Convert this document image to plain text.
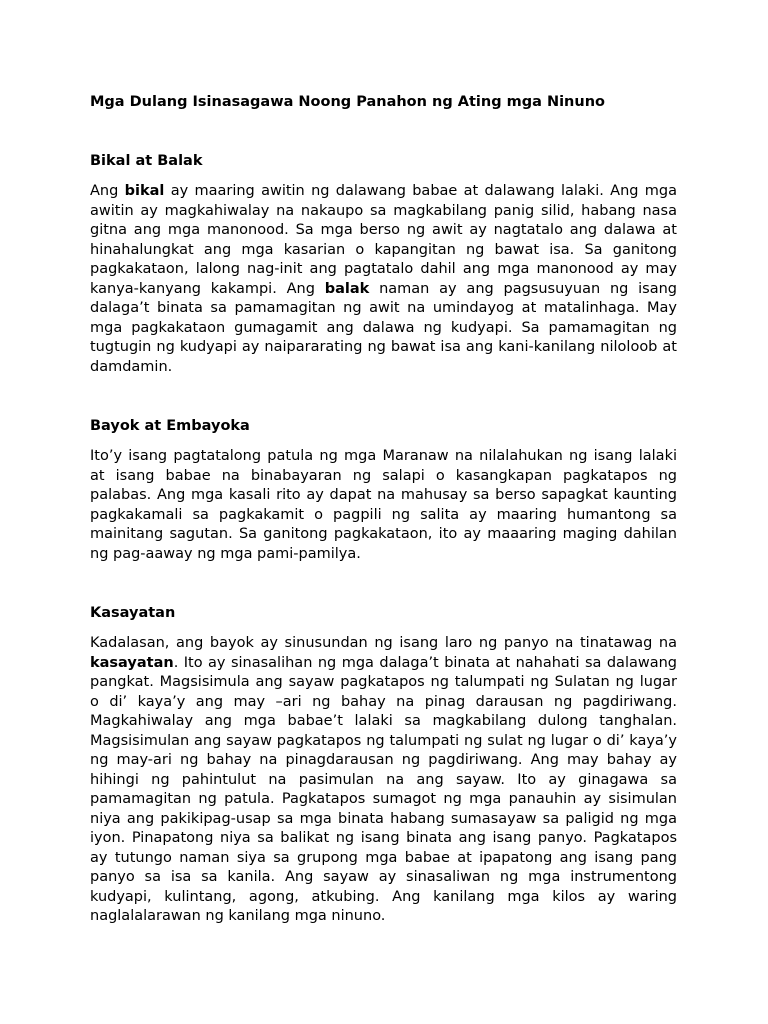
Mga Dulang Isinasagawa Noong Panahon ng Ating mga Ninuno
Bikal at Balak

Ang bikal ay maaring awitin ng dalawang babae at dalawang lalaki. Ang mga awitin ay magkahiwalay na nakaupo sa magkabilang panig silid, habang nasa gitna ang mga manonood. Sa mga berso ng awit ay nagtatalo ang dalawa at hinahalungkat ang mga kasarian o kapangitan ng bawat isa. Sa ganitong pagkakataon, lalong nag-init ang pagtatalo dahil ang mga manonood ay may kanya-kanyang kakampi. Ang balak naman ay ang pagsusuyuan ng isang dalaga’t binata sa pamamagitan ng awit na umindayog at matalinhaga. May mga pagkakataon gumagamit ang dalawa ng kudyapi. Sa pamamagitan ng tugtugin ng kudyapi ay naipararating ng bawat isa ang kani-kanilang niloloob at damdamin.

Bayok at Embayoka

Ito’y isang pagtatalong patula ng mga Maranaw na nilalahukan ng isang lalaki at isang babae na binabayaran ng salapi o kasangkapan pagkatapos ng palabas. Ang mga kasali rito ay dapat na mahusay sa berso sapagkat kaunting pagkakamali sa pagkakamit o pagpili ng salita ay maaring humantong sa mainitang sagutan. Sa ganitong pagkakataon, ito ay maaaring maging dahilan ng pag-aaway ng mga pami-pamilya.

Kasayatan

Kadalasan, ang bayok ay sinusundan ng isang laro ng panyo na tinatawag na kasayatan. Ito ay sinasalihan ng mga dalaga’t binata at nahahati sa dalawang pangkat. Magsisimula ang sayaw pagkatapos ng talumpati ng Sulatan ng lugar o di’ kaya’y ang may –ari ng bahay na pinag darausan ng pagdiriwang. Magkahiwalay ang mga babae’t lalaki sa magkabilang dulong tanghalan. Magsisimulan ang sayaw pagkatapos ng talumpati ng sulat ng lugar o di’ kaya’y ng may-ari ng bahay na pinagdarausan ng pagdiriwang. Ang may bahay ay hihingi ng pahintulut na pasimulan na ang sayaw. Ito ay ginagawa sa pamamagitan ng patula. Pagkatapos sumagot ng mga panauhin ay sisimulan niya ang pakikipag-usap sa mga binata habang sumasayaw sa paligid ng mga iyon. Pinapatong niya sa balikat ng isang binata ang isang panyo. Pagkatapos ay tutungo naman siya sa grupong mga babae at ipapatong ang isang pang panyo sa isa sa kanila. Ang sayaw ay sinasaliwan ng mga instrumentong kudyapi, kulintang, agong, atkubing. Ang kanilang mga kilos ay waring naglalalarawan ng kanilang mga ninuno.
